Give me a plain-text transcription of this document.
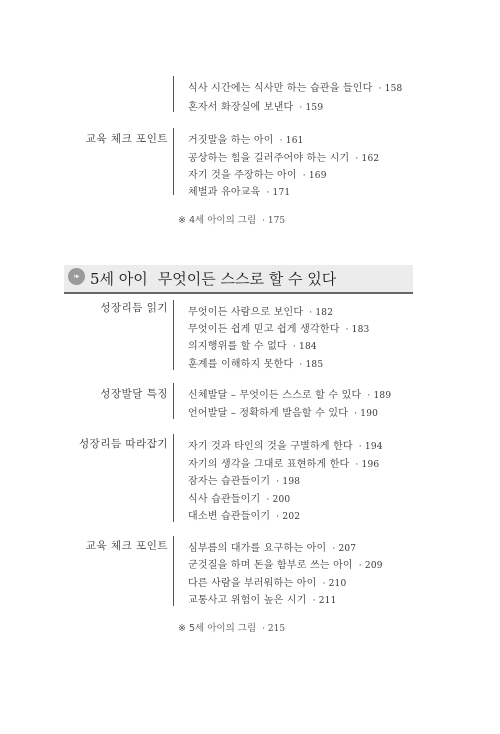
식사 시간에는 식사만 하는 습관을 들인다 · 158
혼자서 화장실에 보낸다 · 159
교육 체크 포인트 거짓말을 하는 아이 · 161
공상하는 힘을 길러주어야 하는 시기 · 162
자기 것을 주장하는 아이 · 169
체벌과 유아교육 · 171
※ 4세 아이의 그림 · 175
❧ 5세 아이 무엇이든 스스로 할 수 있다
성장리듬 읽기 무엇이든 사람으로 보인다 · 182
무엇이든 쉽게 믿고 쉽게 생각한다 · 183
의지행위를 할 수 없다 · 184
훈계를 이해하지 못한다 · 185
성장발달 특징 신체발달 – 무엇이든 스스로 할 수 있다 · 189
언어발달 – 정확하게 발음할 수 있다 · 190
성장리듬 따라잡기 자기 것과 타인의 것을 구별하게 한다 · 194
자기의 생각을 그대로 표현하게 한다 · 196
잠자는 습관들이기 · 198
식사 습관들이기 · 200
대소변 습관들이기 · 202
교육 체크 포인트 심부름의 대가를 요구하는 아이 · 207
군것질을 하며 돈을 함부로 쓰는 아이 · 209
다른 사람을 부러워하는 아이 · 210
교통사고 위험이 높은 시기 · 211
※ 5세 아이의 그림 · 215
